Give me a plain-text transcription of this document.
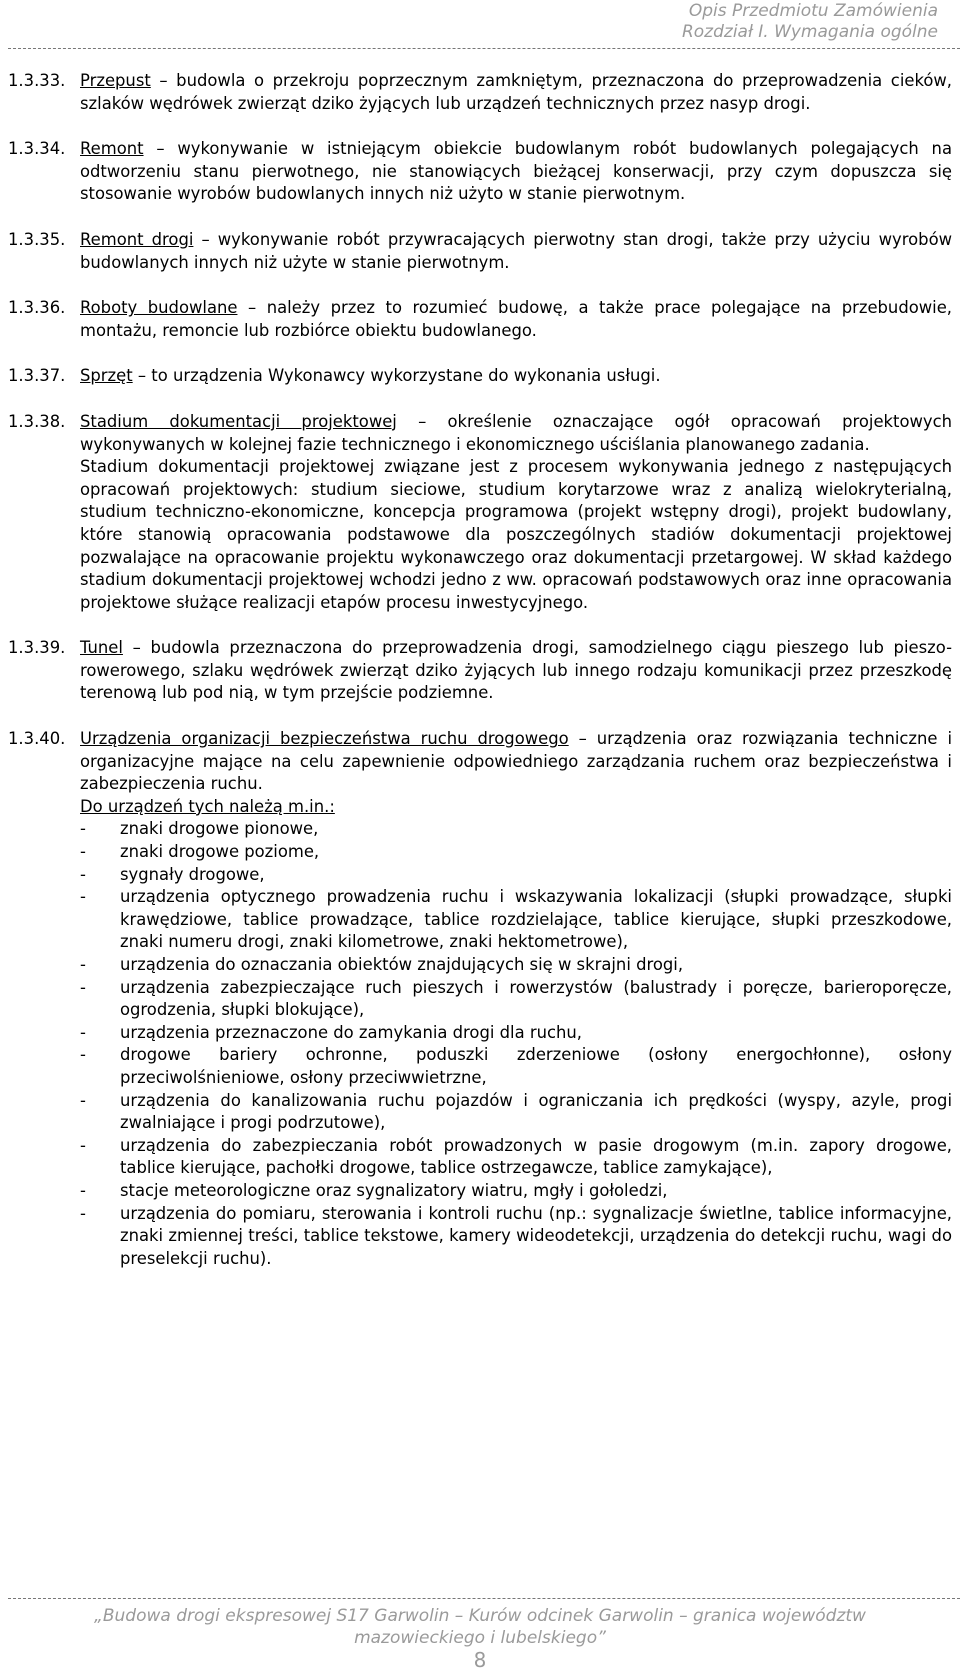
Opis Przedmiotu Zamówienia
Rozdział I. Wymagania ogólne
1.3.33. Przepust – budowla o przekroju poprzecznym zamkniętym, przeznaczona do przeprowadzenia cieków, szlaków wędrówek zwierząt dziko żyjących lub urządzeń technicznych przez nasyp drogi.
1.3.34. Remont – wykonywanie w istniejącym obiekcie budowlanym robót budowlanych polegających na odtworzeniu stanu pierwotnego, nie stanowiących bieżącej konserwacji, przy czym dopuszcza się stosowanie wyrobów budowlanych innych niż użyto w stanie pierwotnym.
1.3.35. Remont drogi – wykonywanie robót przywracających pierwotny stan drogi, także przy użyciu wyrobów budowlanych innych niż użyte w stanie pierwotnym.
1.3.36. Roboty budowlane – należy przez to rozumieć budowę, a także prace polegające na przebudowie, montażu, remoncie lub rozbiórce obiektu budowlanego.
1.3.37. Sprzęt – to urządzenia Wykonawcy wykorzystane do wykonania usługi.
1.3.38. Stadium dokumentacji projektowej – określenie oznaczające ogół opracowań projektowych wykonywanych w kolejnej fazie technicznego i ekonomicznego uściślania planowanego zadania.
Stadium dokumentacji projektowej związane jest z procesem wykonywania jednego z następujących opracowań projektowych: studium sieciowe, studium korytarzowe wraz z analizą wielokryterialną, studium techniczno-ekonomiczne, koncepcja programowa (projekt wstępny drogi), projekt budowlany, które stanowią opracowania podstawowe dla poszczególnych stadiów dokumentacji projektowej pozwalające na opracowanie projektu wykonawczego oraz dokumentacji przetargowej. W skład każdego stadium dokumentacji projektowej wchodzi jedno z ww. opracowań podstawowych oraz inne opracowania projektowe służące realizacji etapów procesu inwestycyjnego.
1.3.39. Tunel – budowla przeznaczona do przeprowadzenia drogi, samodzielnego ciągu pieszego lub pieszo- rowerowego, szlaku wędrówek zwierząt dziko żyjących lub innego rodzaju komunikacji przez przeszkodę terenową lub pod nią, w tym przejście podziemne.
1.3.40. Urządzenia organizacji bezpieczeństwa ruchu drogowego – urządzenia oraz rozwiązania techniczne i organizacyjne mające na celu zapewnienie odpowiedniego zarządzania ruchem oraz bezpieczeństwa i zabezpieczenia ruchu.
Do urządzeń tych należą m.in.:
- znaki drogowe pionowe,
- znaki drogowe poziome,
- sygnały drogowe,
- urządzenia optycznego prowadzenia ruchu i wskazywania lokalizacji (słupki prowadzące, słupki krawędziowe, tablice prowadzące, tablice rozdzielające, tablice kierujące, słupki przeszkodowe, znaki numeru drogi, znaki kilometrowe, znaki hektometrowe),
- urządzenia do oznaczania obiektów znajdujących się w skrajni drogi,
- urządzenia zabezpieczające ruch pieszych i rowerzystów (balustrady i poręcze, barieroporęcze, ogrodzenia, słupki blokujące),
- urządzenia przeznaczone do zamykania drogi dla ruchu,
- drogowe bariery ochronne, poduszki zderzeniowe (osłony energochłonne), osłony przeciwolśnieniowe, osłony przeciwwietrzne,
- urządzenia do kanalizowania ruchu pojazdów i ograniczania ich prędkości (wyspy, azyle, progi zwalniające i progi podrzutowe),
- urządzenia do zabezpieczania robót prowadzonych w pasie drogowym (m.in. zapory drogowe, tablice kierujące, pachołki drogowe, tablice ostrzegawcze, tablice zamykające),
- stacje meteorologiczne oraz sygnalizatory wiatru, mgły i gołoledzi,
- urządzenia do pomiaru, sterowania i kontroli ruchu (np.: sygnalizacje świetlne, tablice informacyjne, znaki zmiennej treści, tablice tekstowe, kamery wideodetekcji, urządzenia do detekcji ruchu, wagi do preselekcji ruchu).
„Budowa drogi ekspresowej S17 Garwolin – Kurów odcinek Garwolin – granica województw
mazowieckiego i lubelskiego”
8
